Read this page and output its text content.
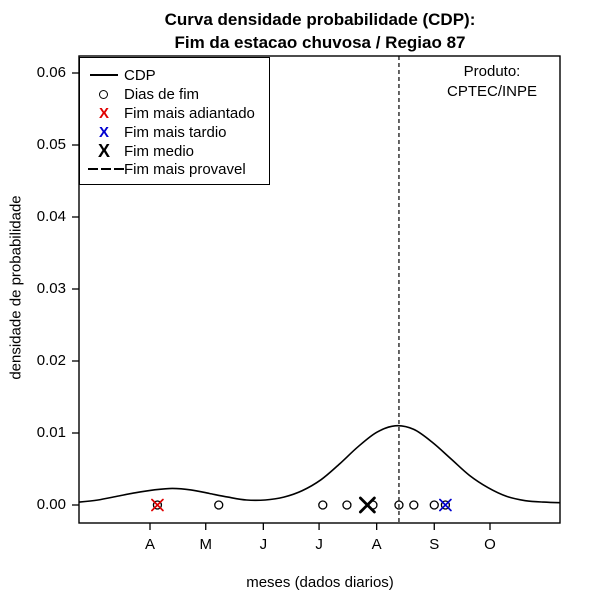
Curva densidade probabilidade (CDP):
Fim da estacao chuvosa / Regiao 87
densidade de probabilidade
meses (dados diarios)
0.00
0.01
0.02
0.03
0.04
0.05
0.06
A	M	J	J	A	S	O
Produto:
CPTEC/INPE
CDP
Dias de fim
X	Fim mais adiantado
X	Fim mais tardio
X Fim medio
Fim mais provavel
